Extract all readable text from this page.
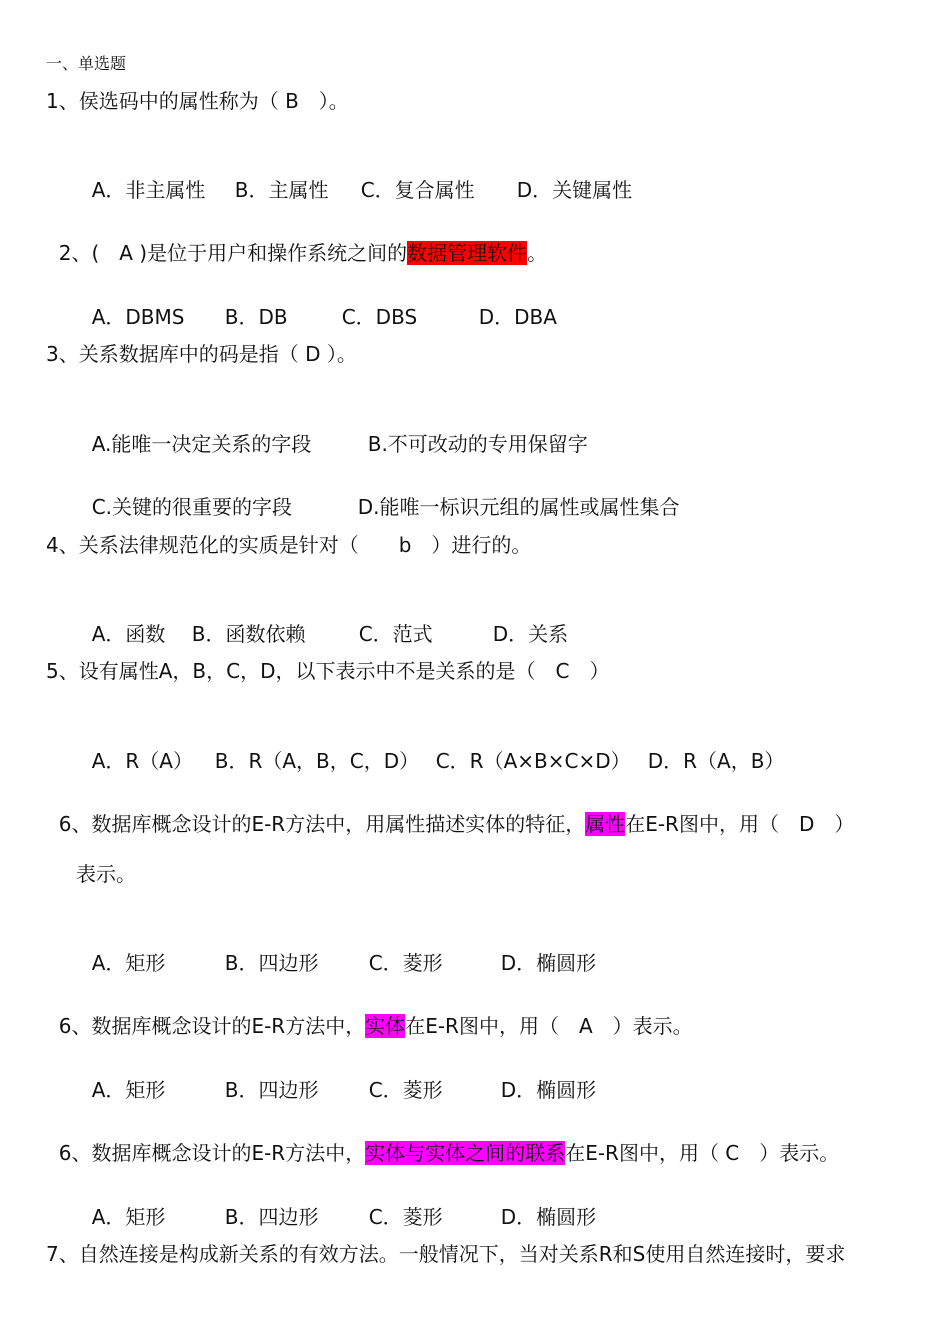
一、单选题
1、侯选码中的属性称为（ B　）。

A．非主属性 B．主属性 C．复合属性 D．关键属性

2、(　A )是位于用户和操作系统之间的数据管理软件。

A．DBMS B．DB	C．DBS	D．DBA

3、关系数据库中的码是指（ D ）。

A.能唯一决定关系的字段	B.不可改动的专用保留字

C.关键的很重要的字段	D.能唯一标识元组的属性或属性集合

4、关系法律规范化的实质是针对（　　b　）进行的。

A．函数 B．函数依赖	C．范式	D．关系

5、设有属性A，B，C，D，以下表示中不是关系的是（　C　）

A．R（A） B．R（A，B，C，D） C．R（A×B×C×D） D．R（A，B）

6、数据库概念设计的E-R方法中，用属性描述实体的特征，属性在E-R图中，用（　D　）

表示。

A．矩形	B．四边形	C．菱形	D．椭圆形

6、数据库概念设计的E-R方法中，实体在E-R图中，用（　A　）表示。

A．矩形	B．四边形	C．菱形	D．椭圆形

6、数据库概念设计的E-R方法中，实体与实体之间的联系在E-R图中，用（ C　）表示。

A．矩形	B．四边形	C．菱形	D．椭圆形

7、自然连接是构成新关系的有效方法。一般情况下，当对关系R和S使用自然连接时，要求
